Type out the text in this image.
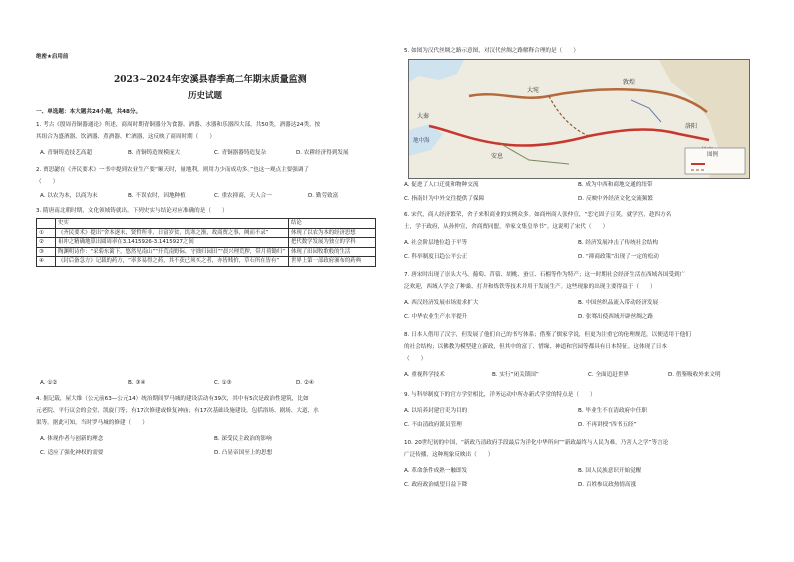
绝密★启用前
2023~2024年安溪县春季高二年期末质量监测
历史试题
一、单选题：本大题共24小题，共48分。
1. 考古《殷周青铜器通论》所述，商周时期青铜器分为食器、酒器、水器和乐器四大部，共50类，酒器达24类，按
其组合为盛酒器、饮酒器、煮酒器、贮酒器，这反映了商周时期（　　）
A. 青铜铸造技艺高超	B. 青铜铸造规模庞大	C. 青铜器器铸造复杂	D. 农耕经济得到发展
2. 贾思勰在《齐民要术》一书中提到农业生产要“顺天时，量地利，则用力少而成功多。”也这一观点主要强调了
（　　）
A. 以农为本，以商为末	B. 不误农时，因地种植	C. 重农抑商，天人合一	D. 勤劳致富
3. 隋唐南北朝时期，文化领域铸就出。下列史实与结论对应准确的是（　　）
	史实	结论
①	《齐民要术》提出“舍本逐末，贤哲所非，日富岁贫，饥寒之渐，故商贾之事，阙而不录”	体现了以农为本的经济思想
②	祖冲之精确地算出圆周率在3.1415926-3.1415927之间	把代数学发展为独立的学科
③	陶渊明诗作：“采菊东篱下，悠然见南山”“开荒南野际，守拙归园田”“晨兴理荒秽，带月荷锄归”	体现了田园牧歌般的生活
④	《封后备急方》记载的药方，“率多易得之药，其不获已须买之者，亦皆贱价，草石所在皆有”	世界上第一部政府颁布的药典
A. ①②	B. ③④	C. ①③	D. ②④
4. 据记载，屋大维（公元前63—公元14）统治期间罗马城的建设活动有39次，其中有5次是政治性建筑，比如
元老院、平行议会的会堂、凯旋门等；有17次修建或修复神庙；有17次基础设施建设，包括浴场、剧场、大道、水
渠等。据此可知，当时罗马城的修建（　　）
A. 体现作者与创新的理念	B. 深受民主政治的影响
C. 适应了强化神权的需要	D. 凸显帝国至上的思想
5. 如图为汉代丝绸之路示意图，对汉代丝绸之路解释合理的是（　　）
敦煌
洛阳
大宛
安息
大秦
地中海
图例
A. 促进了人口迁徙和物种交流	B. 成为中西和商地交通的纽带
C. 指南针为中外交往提供了保障	D. 反映中外经济文化交流频繁
6. 宋代，商人经济繁荣，舍子来积商业的实例众多。如商州商人张仲宣，“恋宅固子豆荚，就学宫，趁四方名
士，学于政府，从孙仲宣，舍商贾同盟，举家文集皇举书”。这说明了宋代（　　）
A. 社会阶层地位趋于平等	B. 经济发展冲击了传统社会结构
C. 科举制度日趋公平公正	D. “抑商政策”出现了一定的松动
7. 唐宋时出现了崇头大马、葡萄、苜蓿、胡桃、蚕豆、石榴等作为特产；这一时期社会经济生活在西域各国受到广
泛欢迎，西域人学会了种桑、打井和炼铁等技术并用于发展生产。这些现象的出现主要得益于（　　）
A. 西汉经济发展市场需求扩大	B. 中国丝织品流入带动经济发展
C. 中华农业生产水平提升	D. 张骞出使西域开辟丝绸之路
8. 日本人借用了汉字，但发展了他们自己的书写体系；借鉴了儒家学说，但更为注重它的伦理规范，以便适用于他们
的社会结构；以佛教为模型建立新政，但其中的富丁、惜缘、神道和宫园等都具有日本特征。这体现了日本
（　　）
A. 重视科学技术	B. 实行“闭关锁国”	C. 全面追赶世界	D. 借鉴吸收外来文明
9. 与科举制度下的官方学堂相比，洋务运动中所办新式学堂的特点是（　　）
A. 以培养封建官吏为目的	B. 毕业生不在清政府中任职
C. 不由清政府派员管理	D. 不再讲授“四书五经”
10. 20世纪初的中国，“新政乃清政府手段最后为洋化中华所向”“新政最终与人民为难，乃害人之学”等言论
广泛传播，这种现象反映出（　　）
A. 革命条件成熟一触即发	B. 国人民族意识开始觉醒
C. 政府政治威望日益下降	D. 百姓参议政热情高涨
